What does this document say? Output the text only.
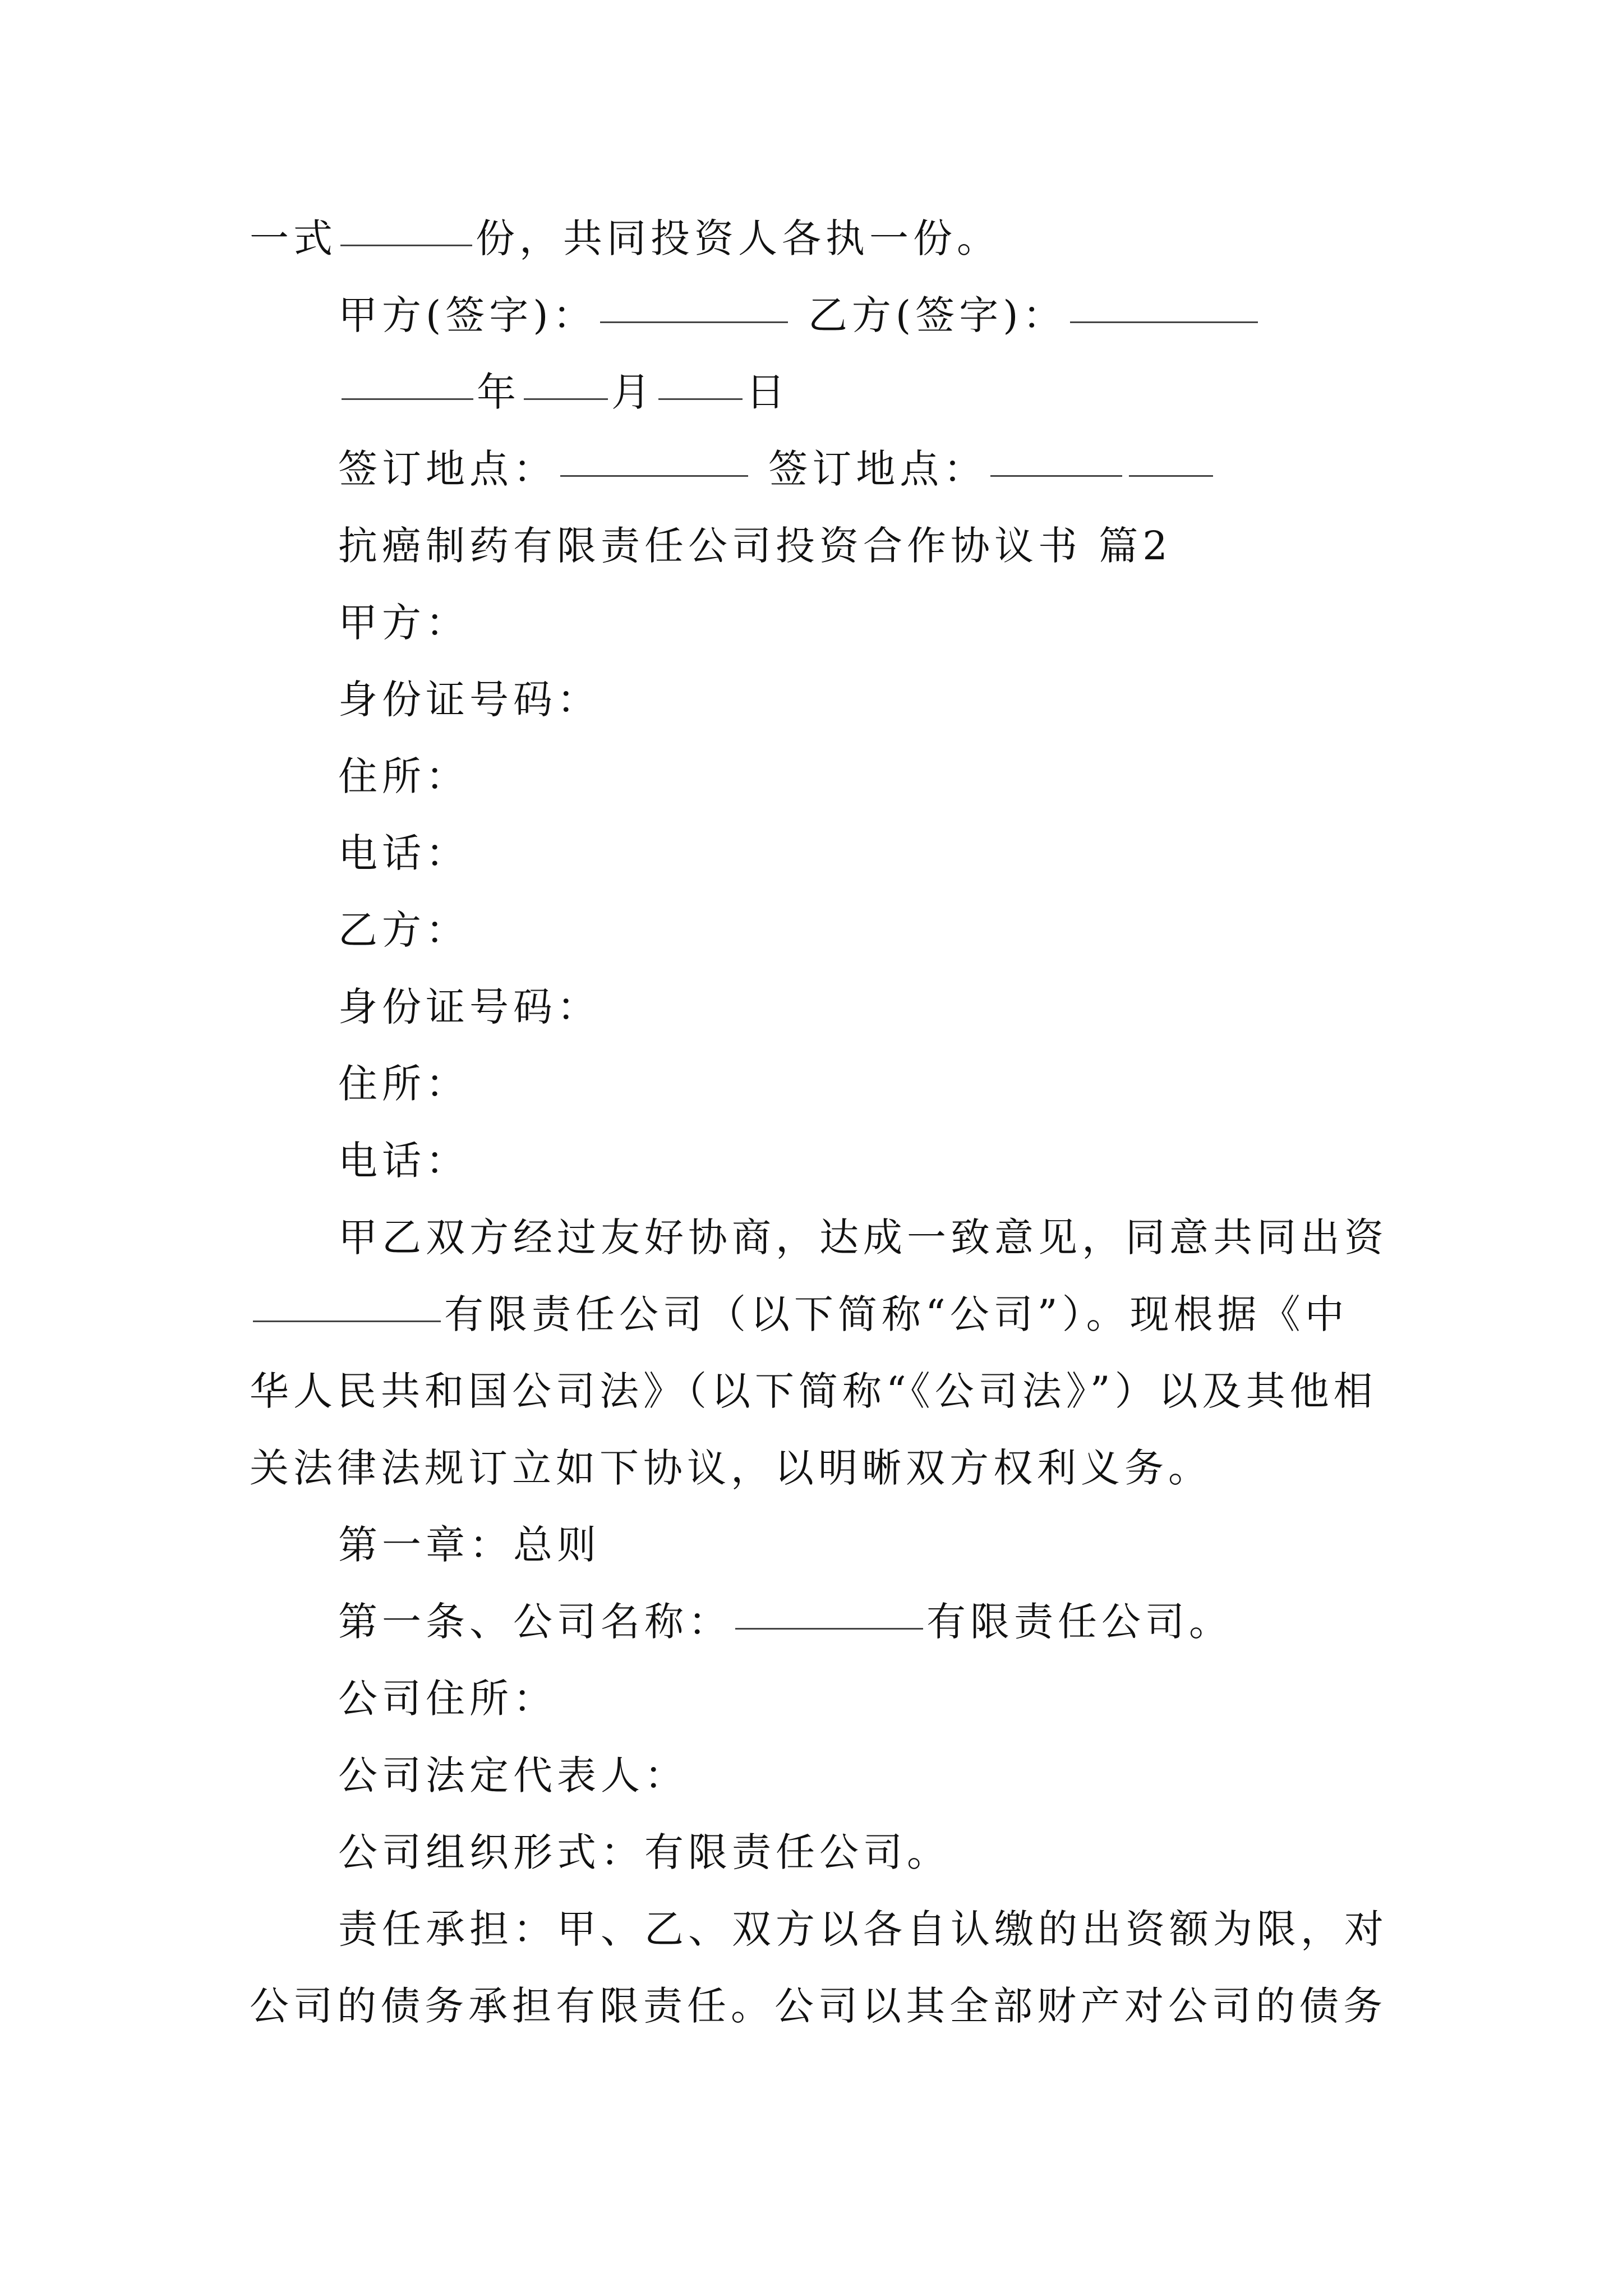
一式	份，共同投资人各执一份。
甲方(签字)：	乙方(签字)：
年 月 日
签订地点：	签订地点：
抗癌制药有限责任公司投资合作协议书 篇2
甲方：
身份证号码：
住所：
电话：
乙方：
身份证号码：
住所：
电话：
甲乙双方经过友好协商，达成一致意见，同意共同出资
有限责任公司（以下简称“公司”）。现根据《中
华人民共和国公司法》（以下简称“《公司法》”）以及其他相
关法律法规订立如下协议，以明晰双方权利义务。
第一章：总则
第一条、公司名称：	有限责任公司。
公司住所：
公司法定代表人：
公司组织形式：有限责任公司。
责任承担：甲、乙、双方以各自认缴的出资额为限，对
公司的债务承担有限责任。公司以其全部财产对公司的债务
